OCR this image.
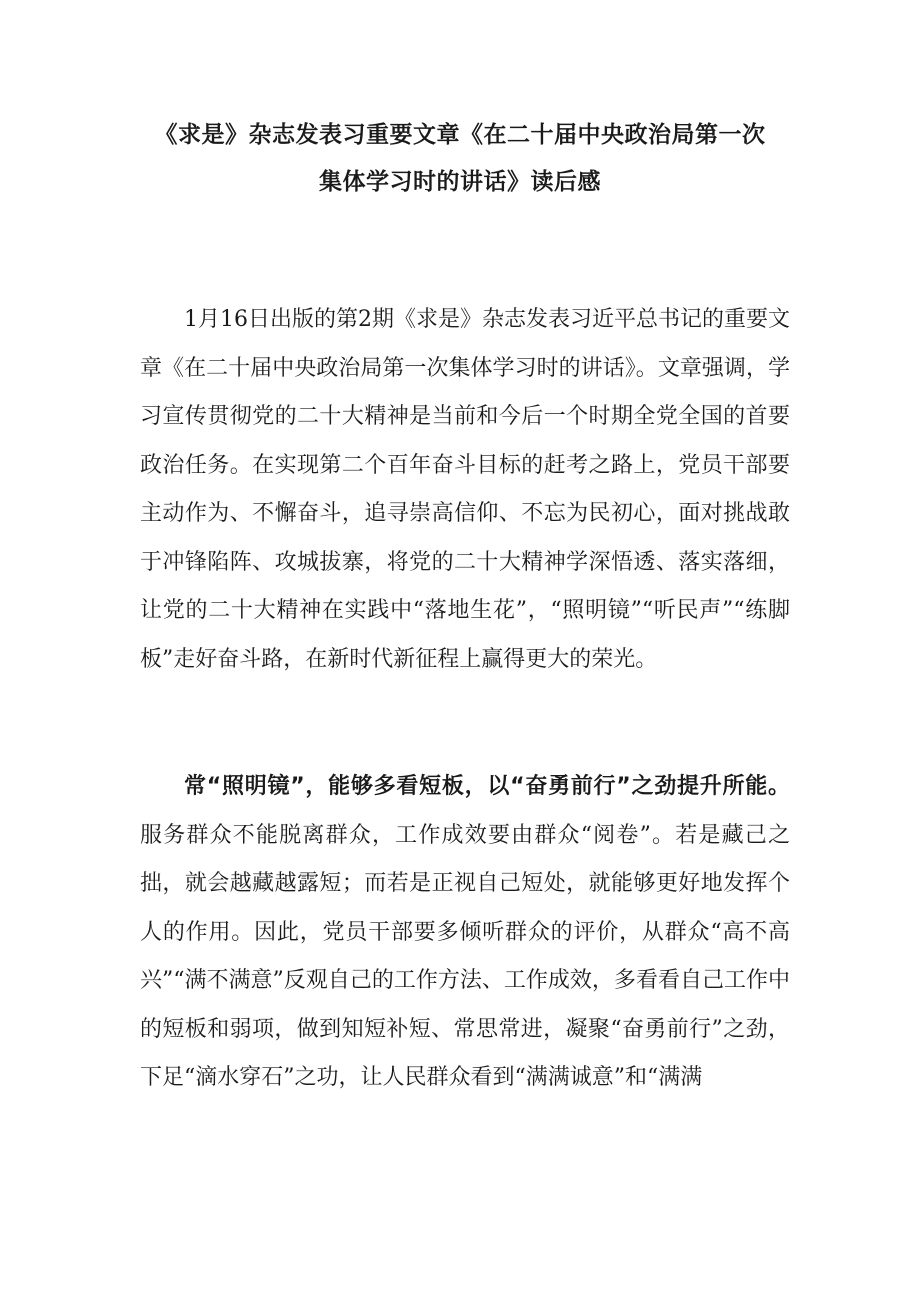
《求是》杂志发表习重要文章《在二十届中央政治局第一次
集体学习时的讲话》读后感

1月16日出版的第2期《求是》杂志发表习近平总书记的重要文章《在二十届中央政治局第一次集体学习时的讲话》。文章强调，学习宣传贯彻党的二十大精神是当前和今后一个时期全党全国的首要政治任务。在实现第二个百年奋斗目标的赶考之路上，党员干部要主动作为、不懈奋斗，追寻崇高信仰、不忘为民初心，面对挑战敢于冲锋陷阵、攻城拔寨，将党的二十大精神学深悟透、落实落细，让党的二十大精神在实践中“落地生花”，“照明镜”“听民声”“练脚板”走好奋斗路，在新时代新征程上赢得更大的荣光。

常“照明镜”，能够多看短板，以“奋勇前行”之劲提升所能。服务群众不能脱离群众，工作成效要由群众“阅卷”。若是藏己之拙，就会越藏越露短；而若是正视自己短处，就能够更好地发挥个人的作用。因此，党员干部要多倾听群众的评价，从群众“高不高兴”“满不满意”反观自己的工作方法、工作成效，多看看自己工作中的短板和弱项，做到知短补短、常思常进，凝聚“奋勇前行”之劲，下足“滴水穿石”之功，让人民群众看到“满满诚意”和“满满
